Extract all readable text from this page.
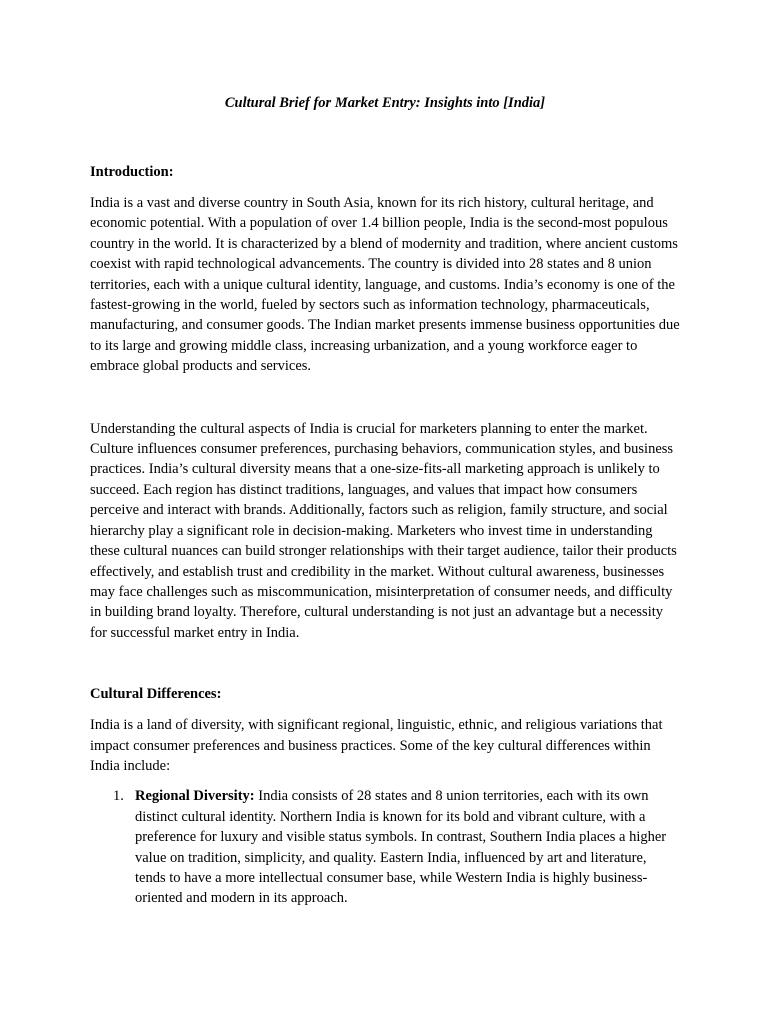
Cultural Brief for Market Entry: Insights into [India]

Introduction:

India is a vast and diverse country in South Asia, known for its rich history, cultural heritage, and economic potential. With a population of over 1.4 billion people, India is the second-most populous country in the world. It is characterized by a blend of modernity and tradition, where ancient customs coexist with rapid technological advancements. The country is divided into 28 states and 8 union territories, each with a unique cultural identity, language, and customs. India’s economy is one of the fastest-growing in the world, fueled by sectors such as information technology, pharmaceuticals, manufacturing, and consumer goods. The Indian market presents immense business opportunities due to its large and growing middle class, increasing urbanization, and a young workforce eager to embrace global products and services.

Understanding the cultural aspects of India is crucial for marketers planning to enter the market. Culture influences consumer preferences, purchasing behaviors, communication styles, and business practices. India’s cultural diversity means that a one-size-fits-all marketing approach is unlikely to succeed. Each region has distinct traditions, languages, and values that impact how consumers perceive and interact with brands. Additionally, factors such as religion, family structure, and social hierarchy play a significant role in decision-making. Marketers who invest time in understanding these cultural nuances can build stronger relationships with their target audience, tailor their products effectively, and establish trust and credibility in the market. Without cultural awareness, businesses may face challenges such as miscommunication, misinterpretation of consumer needs, and difficulty in building brand loyalty. Therefore, cultural understanding is not just an advantage but a necessity for successful market entry in India.

Cultural Differences:

India is a land of diversity, with significant regional, linguistic, ethnic, and religious variations that impact consumer preferences and business practices. Some of the key cultural differences within India include:

1. Regional Diversity: India consists of 28 states and 8 union territories, each with its own distinct cultural identity. Northern India is known for its bold and vibrant culture, with a preference for luxury and visible status symbols. In contrast, Southern India places a higher value on tradition, simplicity, and quality. Eastern India, influenced by art and literature, tends to have a more intellectual consumer base, while Western India is highly business-oriented and modern in its approach.
